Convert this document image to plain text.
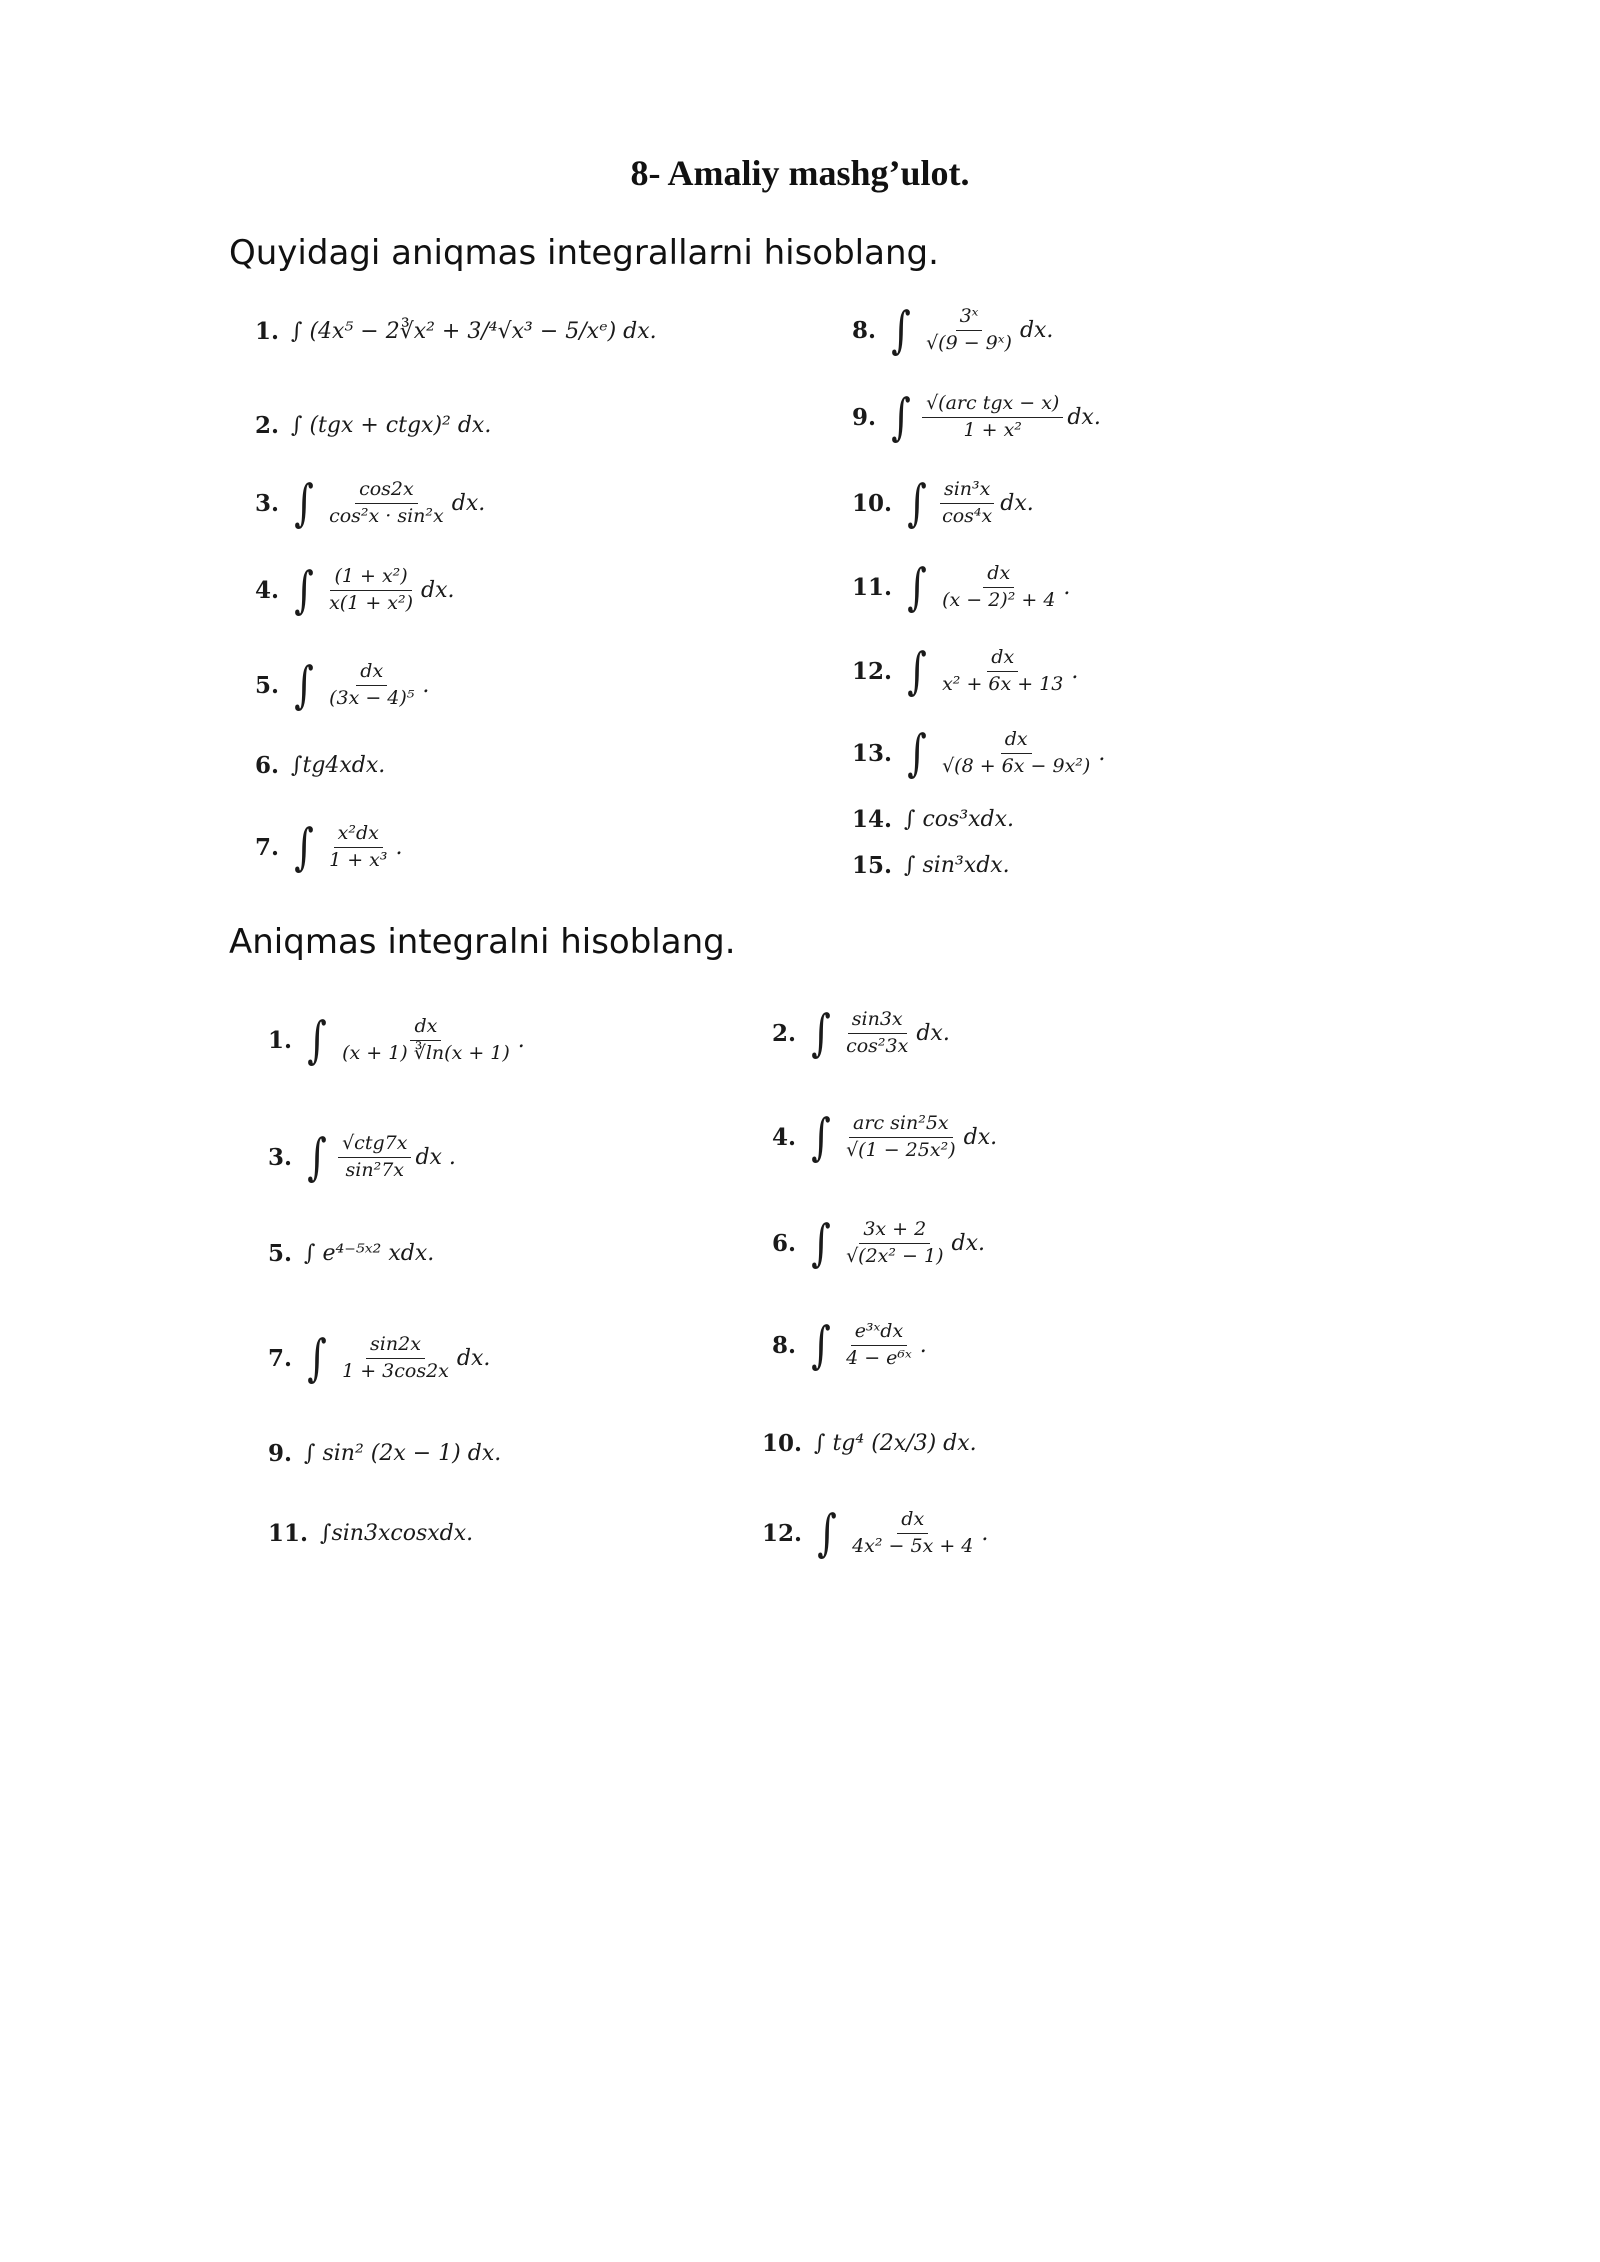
8- Amaliy mashg’ulot.
Quyidagi aniqmas integrallarni hisoblang.
Aniqmas integralni hisoblang.
1. ∫ (4x⁵ − 2∛x² + 3/⁴√x³ − 5/xᵉ) dx.
2. ∫ (tgx + ctgx)² dx.
3. ∫ $\frac{\cos 2x}{\text{cos²x · sin²x}}$ dx.
4. ∫ $\frac{\text{(1 + x²)}}{\text{x(1 + x²)}}$ dx.
5. ∫ $\frac{dx}{\text{(3x − 4)⁵}}$ .
6. ∫tg4xdx.
7. ∫ $\frac{\text{x²dx}}{\text{1 + x³}}$ .
8. ∫ $\frac{\text{3ˣ}}{\text{√(9 − 9ˣ)}}$ dx.
9. ∫ $\frac{\text{√(arc tgx − x)}}{\text{1 + x²}}$ dx.
10. ∫ $\frac{\text{sin³x}}{\text{cos⁴x}}$ dx.
11. ∫ $\frac{dx}{\text{(x − 2)² + 4}}$ .
12. ∫ $\frac{dx}{\text{x² + 6x + 13}}$ .
13. ∫ $\frac{dx}{\text{√(8 + 6x − 9x²)}}$ .
14. ∫ cos³xdx.
15. ∫ sin³xdx.
1. ∫ $\frac{dx}{(x + 1) ∛\ln(x + 1)}$ .
3. ∫ $\frac{\text{√ctg7x}}{\text{sin²7x}}$ dx .
5. ∫ e⁴⁻⁵ˣ² xdx.
7. ∫ $\frac{\sin 2x}{1 + 3\cos 2x}$ dx.
9. ∫ sin² (2x − 1) dx.
11. ∫sin3xcosxdx.
2. ∫ $\frac{\sin 3x}{\text{cos²3x}}$ dx.
4. ∫ $\frac{\text{arc sin²5x}}{\text{√(1 − 25x²)}}$ dx.
6. ∫ $\frac{3x + 2}{\text{√(2x² − 1)}}$ dx.
8. ∫ $\frac{\text{e³ˣdx}}{\text{4 − e⁶ˣ}}$ .
10. ∫ tg⁴ (2x/3) dx.
12. ∫ $\frac{dx}{\text{4x² − 5x + 4}}$ .
